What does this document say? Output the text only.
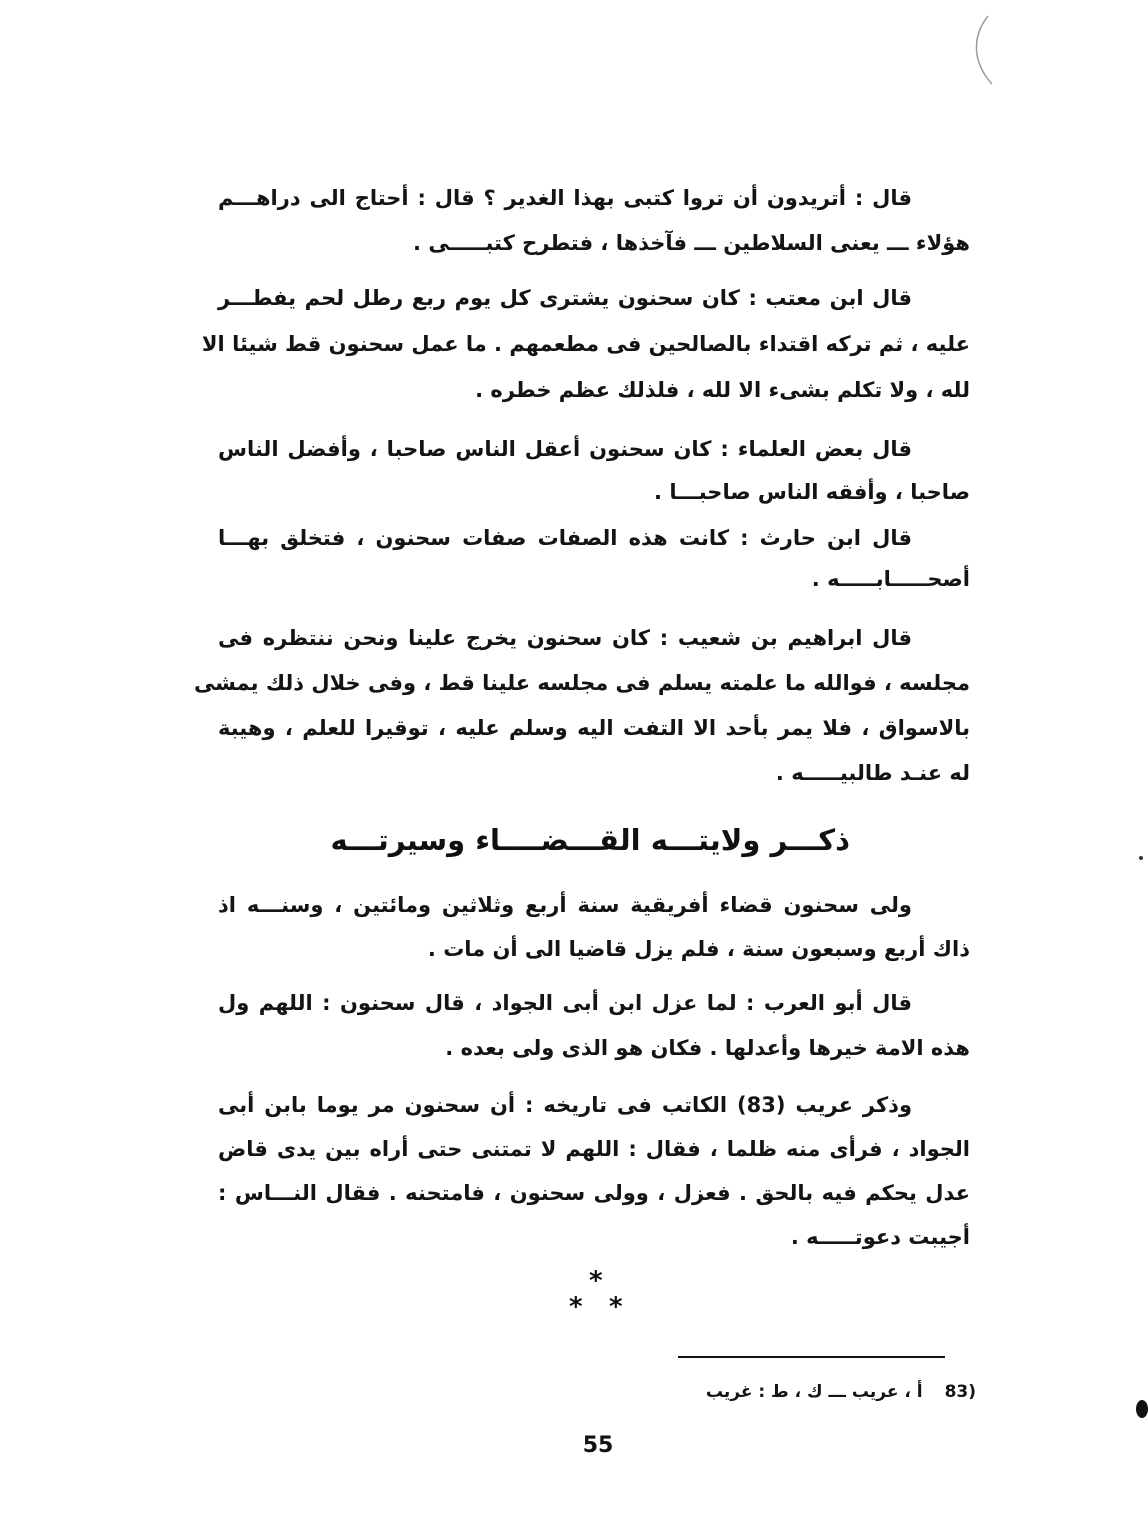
قال : أتريدون أن تروا كتبى بهذا الغدير ؟ قال : أحتاج الى دراهـــم
هؤلاء ـــ يعنى السلاطين ـــ فآخذها ، فتطرح كتبـــــى .
قال ابن معتب : كان سحنون يشترى كل يوم ربع رطل لحم يفطـــر
عليه ، ثم تركه اقتداء بالصالحين فى مطعمهم . ما عمل سحنون قط شيئا الا
لله ، ولا تكلم بشىء الا لله ، فلذلك عظم خطره .
قال بعض العلماء : كان سحنون أعقل الناس صاحبا ، وأفضل الناس
صاحبا ، وأفقه الناس صاحبـــا .
قال ابن حارث : كانت هذه الصفات صفات سحنون ، فتخلق بهـــا
أصحـــــابـــــه .
قال ابراهيم بن شعيب : كان سحنون يخرج علينا ونحن ننتظره فى
مجلسه ، فوالله ما علمته يسلم فى مجلسه علينا قط ، وفى خلال ذلك يمشى
بالاسواق ، فلا يمر بأحد الا التفت اليه وسلم عليه ، توقيرا للعلم ، وهيبة
له عنـد طالبيـــــه .
ذكـــر ولايتـــه القـــضــــاء وسيرتـــه
ولى سحنون قضاء أفريقية سنة أربع وثلاثين ومائتين ، وسنـــه اذ
ذاك أربع وسبعون سنة ، فلم يزل قاضيا الى أن مات .
قال أبو العرب : لما عزل ابن أبى الجواد ، قال سحنون : اللهم ول
هذه الامة خيرها وأعدلها . فكان هو الذى ولى بعده .
وذكر عريب (83) الكاتب فى تاريخه : أن سحنون مر يوما بابن أبى
الجواد ، فرأى منه ظلما ، فقال : اللهم لا تمتنى حتى أراه بين يدى قاض
عدل يحكم فيه بالحق . فعزل ، وولى سحنون ، فامتحنه . فقال النـــاس :
أجيبت دعوتـــــه .
*
* *
83)أ ، عريب ـــ ك ، ط : غريب
55
